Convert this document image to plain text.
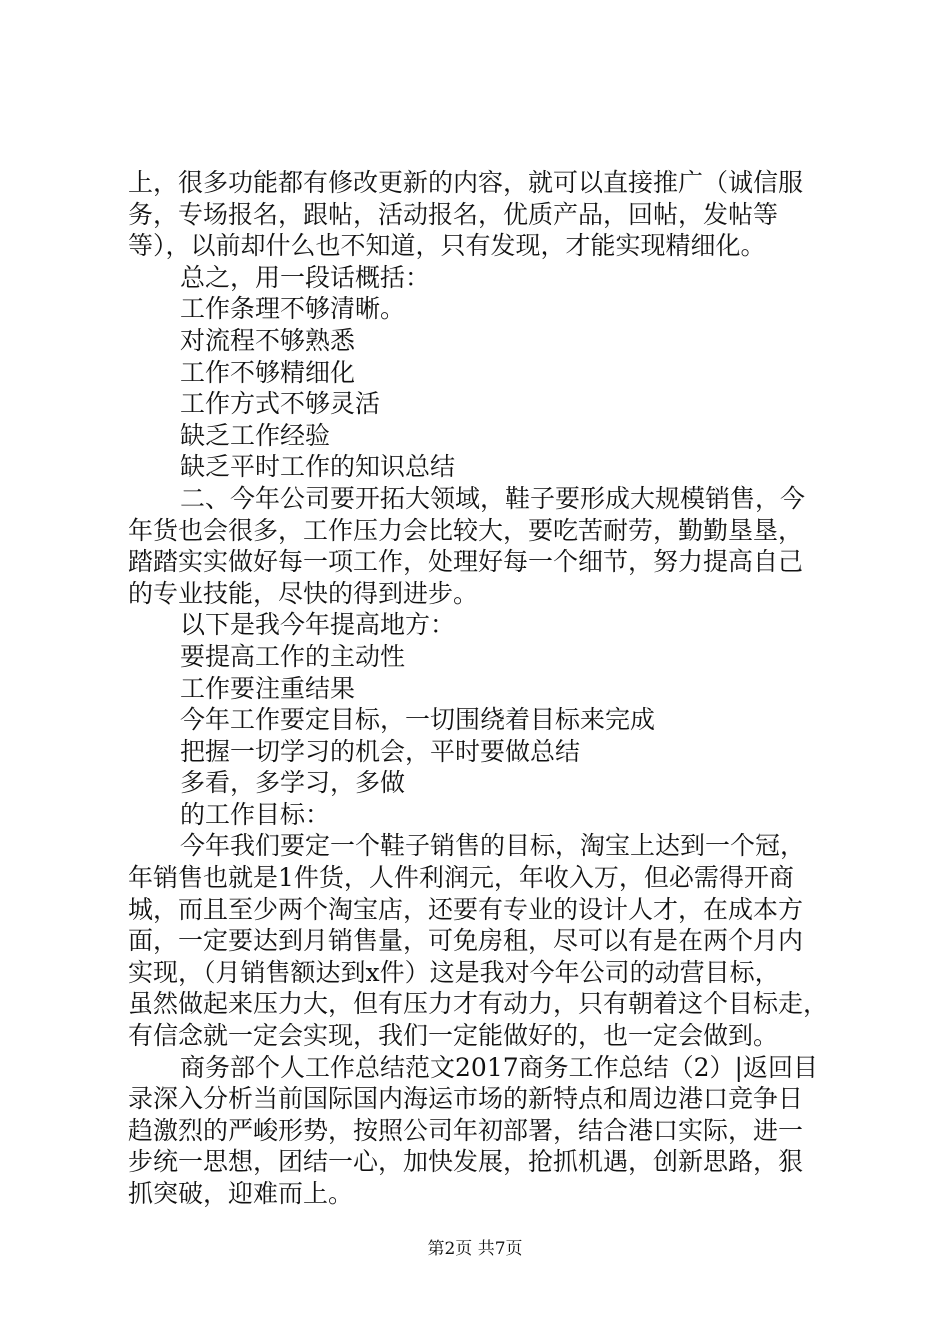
上，很多功能都有修改更新的内容，就可以直接推广（诚信服
务，专场报名，跟帖，活动报名，优质产品，回帖，发帖等
等），以前却什么也不知道，只有发现，才能实现精细化。
总之，用一段话概括：
工作条理不够清晰。
对流程不够熟悉
工作不够精细化
工作方式不够灵活
缺乏工作经验
缺乏平时工作的知识总结
二、今年公司要开拓大领域，鞋子要形成大规模销售，今
年货也会很多，工作压力会比较大，要吃苦耐劳，勤勤垦垦，
踏踏实实做好每一项工作，处理好每一个细节，努力提高自己
的专业技能，尽快的得到进步。
以下是我今年提高地方：
要提高工作的主动性
工作要注重结果
今年工作要定目标，一切围绕着目标来完成
把握一切学习的机会，平时要做总结
多看，多学习，多做
的工作目标：
今年我们要定一个鞋子销售的目标，淘宝上达到一个冠，
年销售也就是1件货，人件利润元，年收入万，但必需得开商
城，而且至少两个淘宝店，还要有专业的设计人才，在成本方
面，一定要达到月销售量，可免房租，尽可以有是在两个月内
实现，（月销售额达到x件）这是我对今年公司的动营目标，
虽然做起来压力大，但有压力才有动力，只有朝着这个目标走，
有信念就一定会实现，我们一定能做好的，也一定会做到。
商务部个人工作总结范文2017商务工作总结（2）|返回目
录深入分析当前国际国内海运市场的新特点和周边港口竞争日
趋激烈的严峻形势，按照公司年初部署，结合港口实际，进一
步统一思想，团结一心，加快发展，抢抓机遇，创新思路，狠
抓突破，迎难而上。
第2页 共7页
